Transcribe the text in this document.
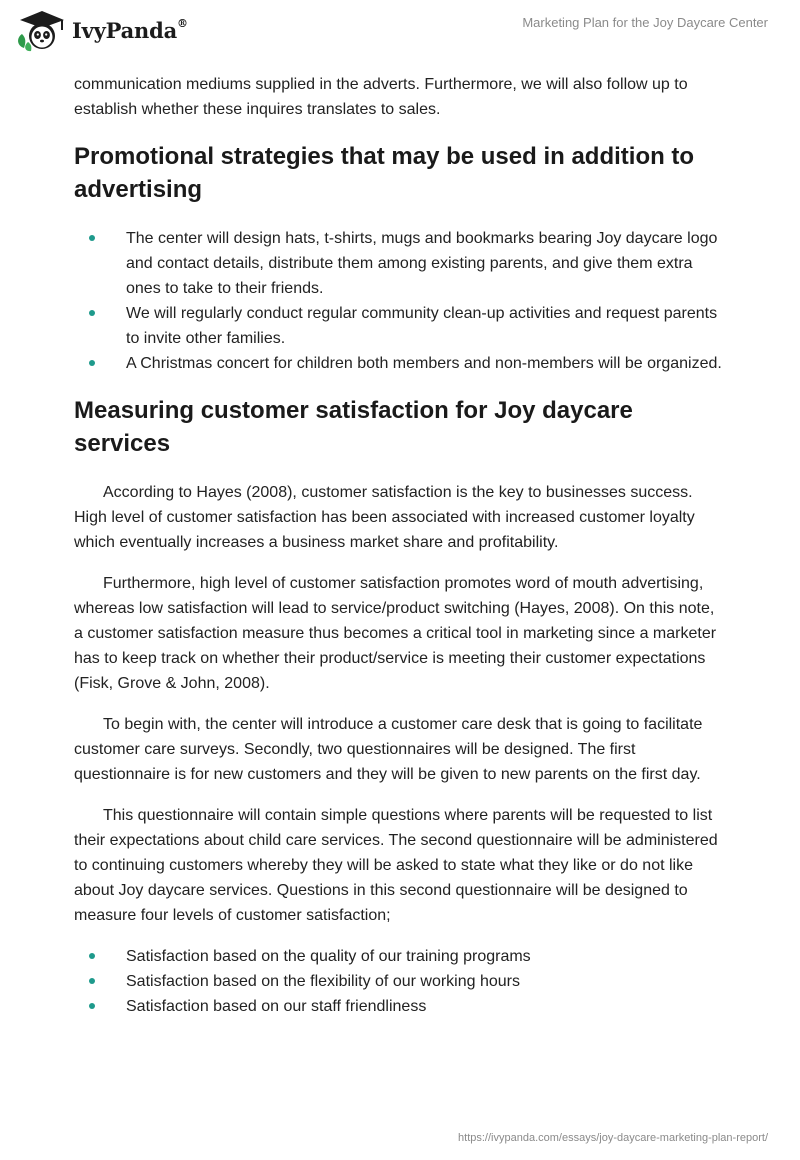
IvyPanda®	Marketing Plan for the Joy Daycare Center

communication mediums supplied in the adverts. Furthermore, we will also follow up to establish whether these inquires translates to sales.

Promotional strategies that may be used in addition to advertising
The center will design hats, t-shirts, mugs and bookmarks bearing Joy daycare logo and contact details, distribute them among existing parents, and give them extra ones to take to their friends.
We will regularly conduct regular community clean-up activities and request parents to invite other families.
A Christmas concert for children both members and non-members will be organized.
Measuring customer satisfaction for Joy daycare services

According to Hayes (2008), customer satisfaction is the key to businesses success. High level of customer satisfaction has been associated with increased customer loyalty which eventually increases a business market share and profitability.

Furthermore, high level of customer satisfaction promotes word of mouth advertising, whereas low satisfaction will lead to service/product switching (Hayes, 2008). On this note, a customer satisfaction measure thus becomes a critical tool in marketing since a marketer has to keep track on whether their product/service is meeting their customer expectations (Fisk, Grove & John, 2008).

To begin with, the center will introduce a customer care desk that is going to facilitate customer care surveys. Secondly, two questionnaires will be designed. The first questionnaire is for new customers and they will be given to new parents on the first day.

This questionnaire will contain simple questions where parents will be requested to list their expectations about child care services. The second questionnaire will be administered to continuing customers whereby they will be asked to state what they like or do not like about Joy daycare services. Questions in this second questionnaire will be designed to measure four levels of customer satisfaction;

Satisfaction based on the quality of our training programs
Satisfaction based on the flexibility of our working hours
Satisfaction based on our staff friendliness
https://ivypanda.com/essays/joy-daycare-marketing-plan-report/
